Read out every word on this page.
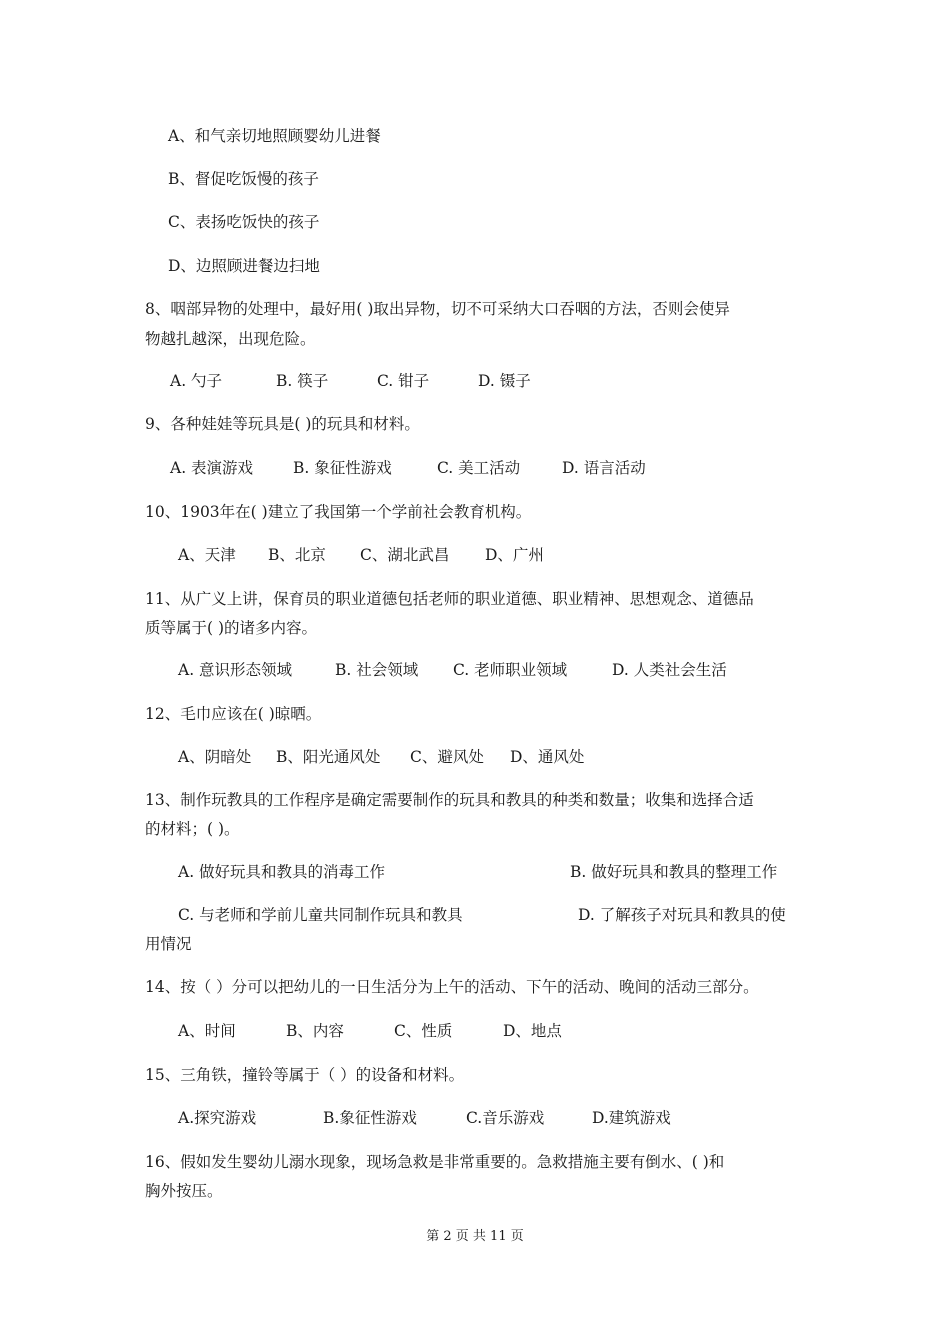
A、和气亲切地照顾婴幼儿进餐
B、督促吃饭慢的孩子
C、表扬吃饭快的孩子
D、边照顾进餐边扫地
8、咽部异物的处理中，最好用( )取出异物，切不可采纳大口吞咽的方法，否则会使异
物越扎越深，出现危险。
A. 勺子	B. 筷子	C. 钳子	D. 镊子
9、各种娃娃等玩具是( )的玩具和材料。
A. 表演游戏	B. 象征性游戏	C. 美工活动	D. 语言活动
10、1903年在( )建立了我国第一个学前社会教育机构。
A、天津 B、北京 C、湖北武昌 D、广州
11、从广义上讲，保育员的职业道德包括老师的职业道德、职业精神、思想观念、道德品
质等属于( )的诸多内容。
A. 意识形态领域	B. 社会领域 C. 老师职业领域	D. 人类社会生活
12、毛巾应该在( )晾晒。
A、阴暗处 B、阳光通风处 C、避风处 D、通风处
13、制作玩教具的工作程序是确定需要制作的玩具和教具的种类和数量；收集和选择合适
的材料；( )。
A. 做好玩具和教具的消毒工作	B. 做好玩具和教具的整理工作
C. 与老师和学前儿童共同制作玩具和教具	D. 了解孩子对玩具和教具的使
用情况
14、按（ ）分可以把幼儿的一日生活分为上午的活动、下午的活动、晚间的活动三部分。
A、时间	B、内容	C、性质	D、地点
15、三角铁，撞铃等属于（ ）的设备和材料。
A.探究游戏	B.象征性游戏	C.音乐游戏	D.建筑游戏
16、假如发生婴幼儿溺水现象，现场急救是非常重要的。急救措施主要有倒水、( )和
胸外按压。
第 2 页 共 11 页
